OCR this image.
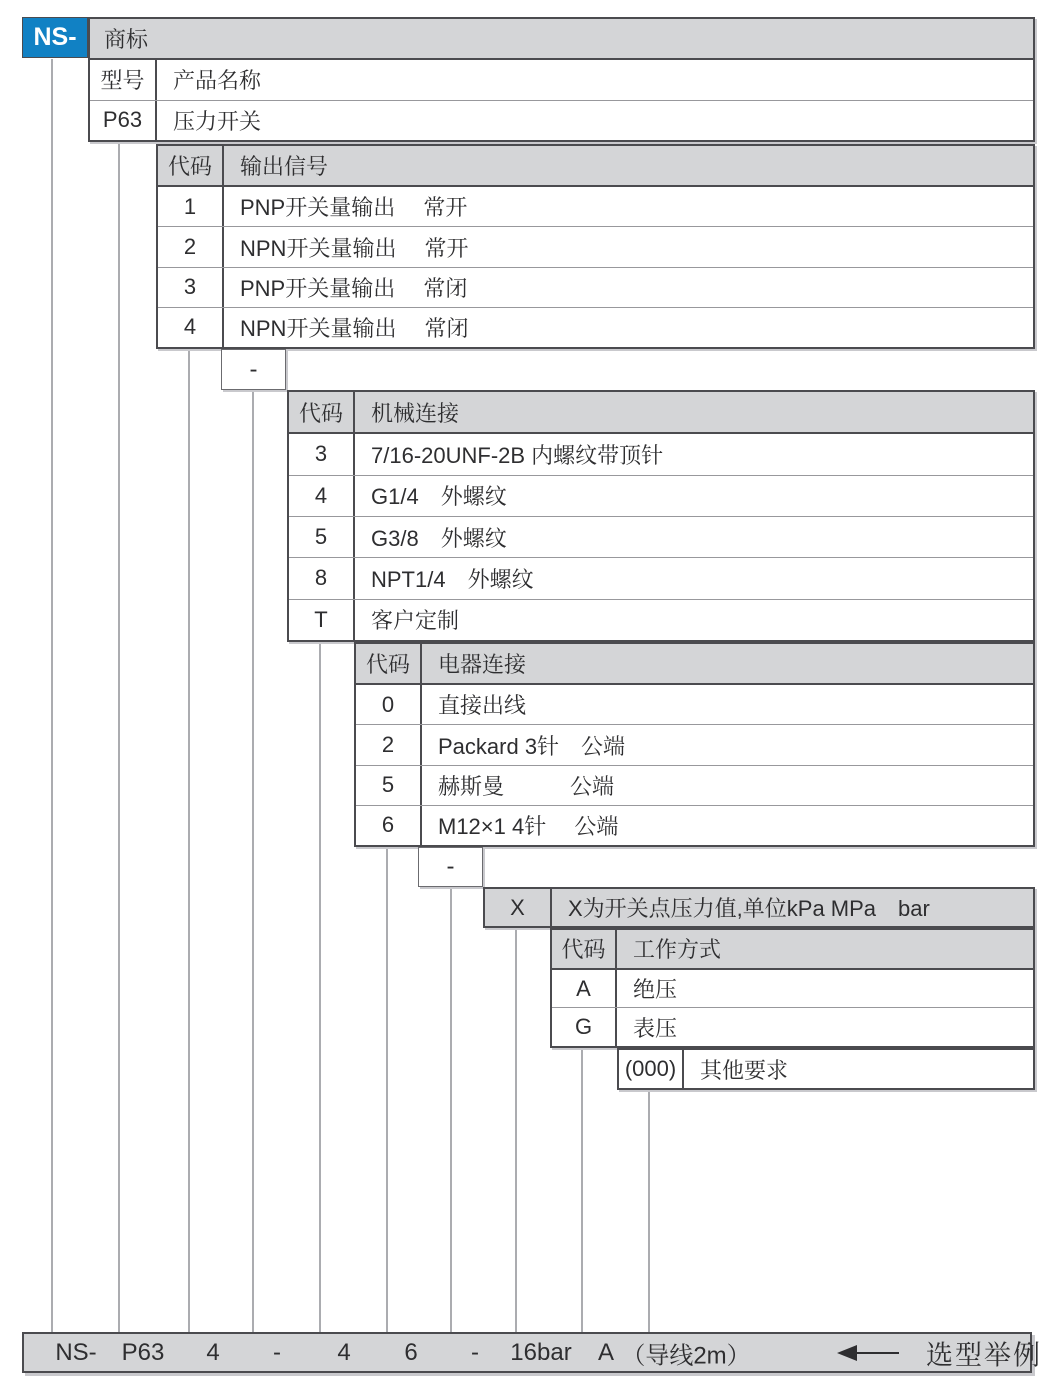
NS-	商标
型号	产品名称
P63	压力开关
代码	输出信号
1	PNP开关量输出　 常开
2	NPN开关量输出　 常开
3	PNP开关量输出　 常闭
4	NPN开关量输出　 常闭
-
代码	机械连接
3	7/16-20UNF-2B 内螺纹带顶针
4	G1/4　外螺纹
5	G3/8　外螺纹
8	NPT1/4　外螺纹
T	客户定制
代码	电器连接
0	直接出线
2	Packard 3针　公端
5	赫斯曼　　　公端
6	M12×1 4针　 公端
-
X	X为开关点压力值,单位kPa MPa　bar
代码	工作方式
A	绝压
G	表压
(000)	其他要求
NS- P63 4 - 4 6 - 16bar A （导线2m）	选型举例
